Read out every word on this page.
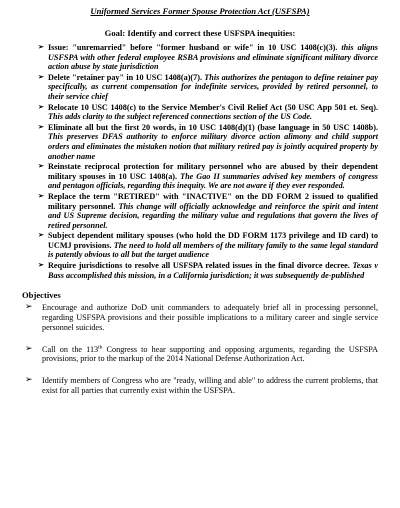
Uniformed Services Former Spouse Protection Act (USFSPA)
Goal: Identify and correct these USFSPA inequities:
➢ Issue: "unremarried" before "former husband or wife" in 10 USC 1408(c)(3). this aligns USFSPA with other federal employee RSBA provisions and eliminate significant military divorce action abuse by state jurisdiction
➢ Delete "retainer pay" in 10 USC 1408(a)(7). This authorizes the pentagon to define retainer pay specifically, as current compensation for indefinite services, provided by retired personnel, to their service chief
➢ Relocate 10 USC 1408(c) to the Service Member's Civil Relief Act (50 USC App 501 et. Seq). This adds clarity to the subject referenced connections section of the US Code.
➢ Eliminate all but the first 20 words, in 10 USC 1408(d)(1) (base language in 50 USC 1408b). This preserves DFAS authority to enforce military divorce action alimony and child support orders and eliminates the mistaken notion that military retired pay is jointly acquired property by another name
➢ Reinstate reciprocal protection for military personnel who are abused by their dependent military spouses in 10 USC 1408(a). The Gao II summaries advised key members of congress and pentagon officials, regarding this inequity. We are not aware if they ever responded.
➢ Replace the term "RETIRED" with "INACTIVE" on the DD FORM 2 issued to qualified military personnel. This change will officially acknowledge and reinforce the spirit and intent and US Supreme decision, regarding the military value and regulations that govern the lives of retired personnel.
➢ Subject dependent military spouses (who hold the DD FORM 1173 privilege and ID card) to UCMJ provisions. The need to hold all members of the military family to the same legal standard is patently obvious to all but the target audience
➢ Require jurisdictions to resolve all USFSPA related issues in the final divorce decree. Texas v Bass accomplished this mission, in a California jurisdiction; it was subsequently de-published
Objectives
➢ Encourage and authorize DoD unit commanders to adequately brief all in processing personnel, regarding USFSPA provisions and their possible implications to a military career and single service personnel suicides.
➢ Call on the 113th Congress to hear supporting and opposing arguments, regarding the USFSPA provisions, prior to the markup of the 2014 National Defense Authorization Act.
➢ Identify members of Congress who are "ready, willing and able" to address the current problems, that exist for all parties that currently exist within the USFSPA.
